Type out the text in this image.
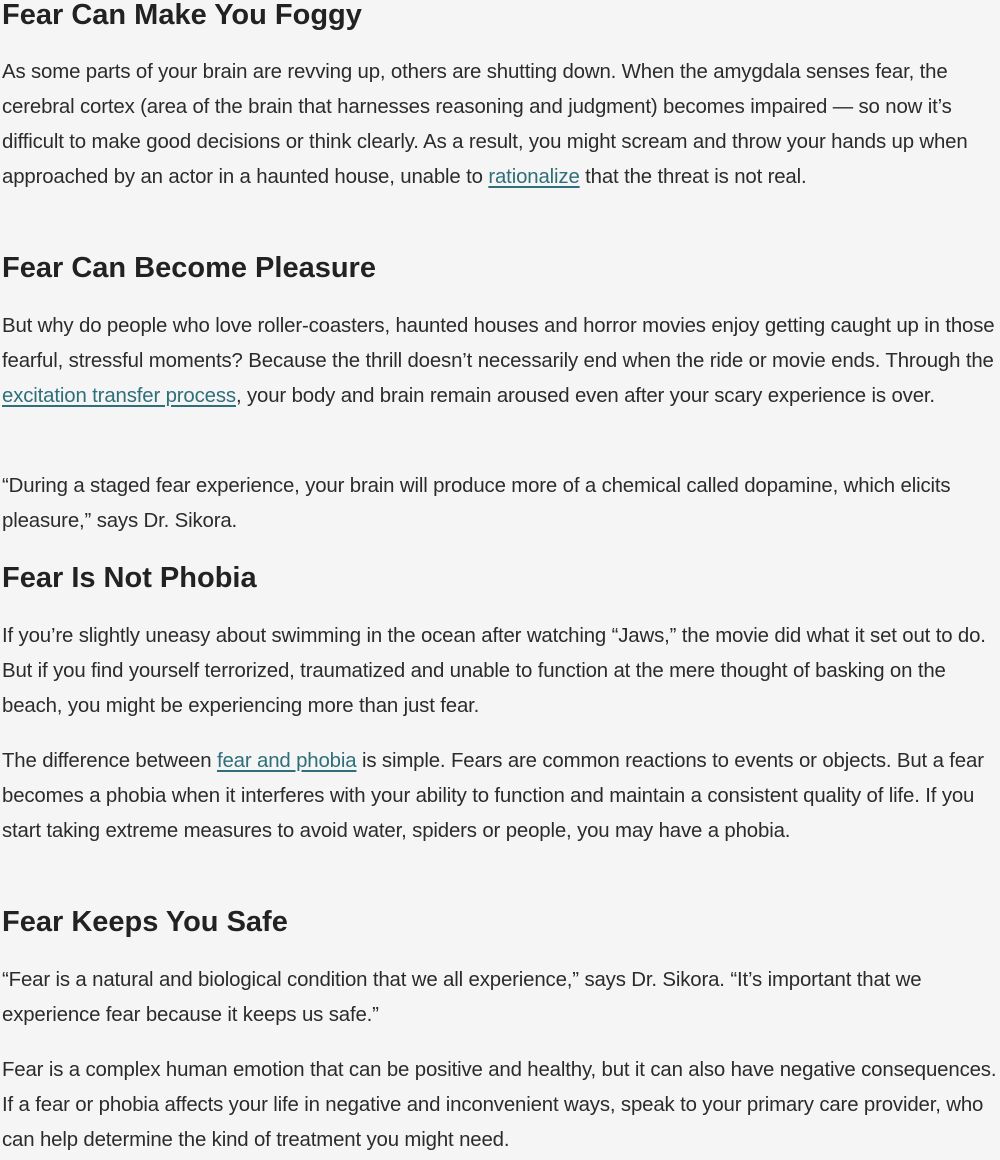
Fear Can Make You Foggy

As some parts of your brain are revving up, others are shutting down. When the amygdala senses fear, the cerebral cortex (area of the brain that harnesses reasoning and judgment) becomes impaired — so now it’s difficult to make good decisions or think clearly. As a result, you might scream and throw your hands up when approached by an actor in a haunted house, unable to rationalize that the threat is not real.

Fear Can Become Pleasure

But why do people who love roller-coasters, haunted houses and horror movies enjoy getting caught up in those fearful, stressful moments? Because the thrill doesn’t necessarily end when the ride or movie ends. Through the excitation transfer process, your body and brain remain aroused even after your scary experience is over.

“During a staged fear experience, your brain will produce more of a chemical called dopamine, which elicits pleasure,” says Dr. Sikora.

Fear Is Not Phobia

If you’re slightly uneasy about swimming in the ocean after watching “Jaws,” the movie did what it set out to do. But if you find yourself terrorized, traumatized and unable to function at the mere thought of basking on the beach, you might be experiencing more than just fear.

The difference between fear and phobia is simple. Fears are common reactions to events or objects. But a fear becomes a phobia when it interferes with your ability to function and maintain a consistent quality of life. If you start taking extreme measures to avoid water, spiders or people, you may have a phobia.

Fear Keeps You Safe

“Fear is a natural and biological condition that we all experience,” says Dr. Sikora. “It’s important that we experience fear because it keeps us safe.”

Fear is a complex human emotion that can be positive and healthy, but it can also have negative consequences. If a fear or phobia affects your life in negative and inconvenient ways, speak to your primary care provider, who can help determine the kind of treatment you might need.
